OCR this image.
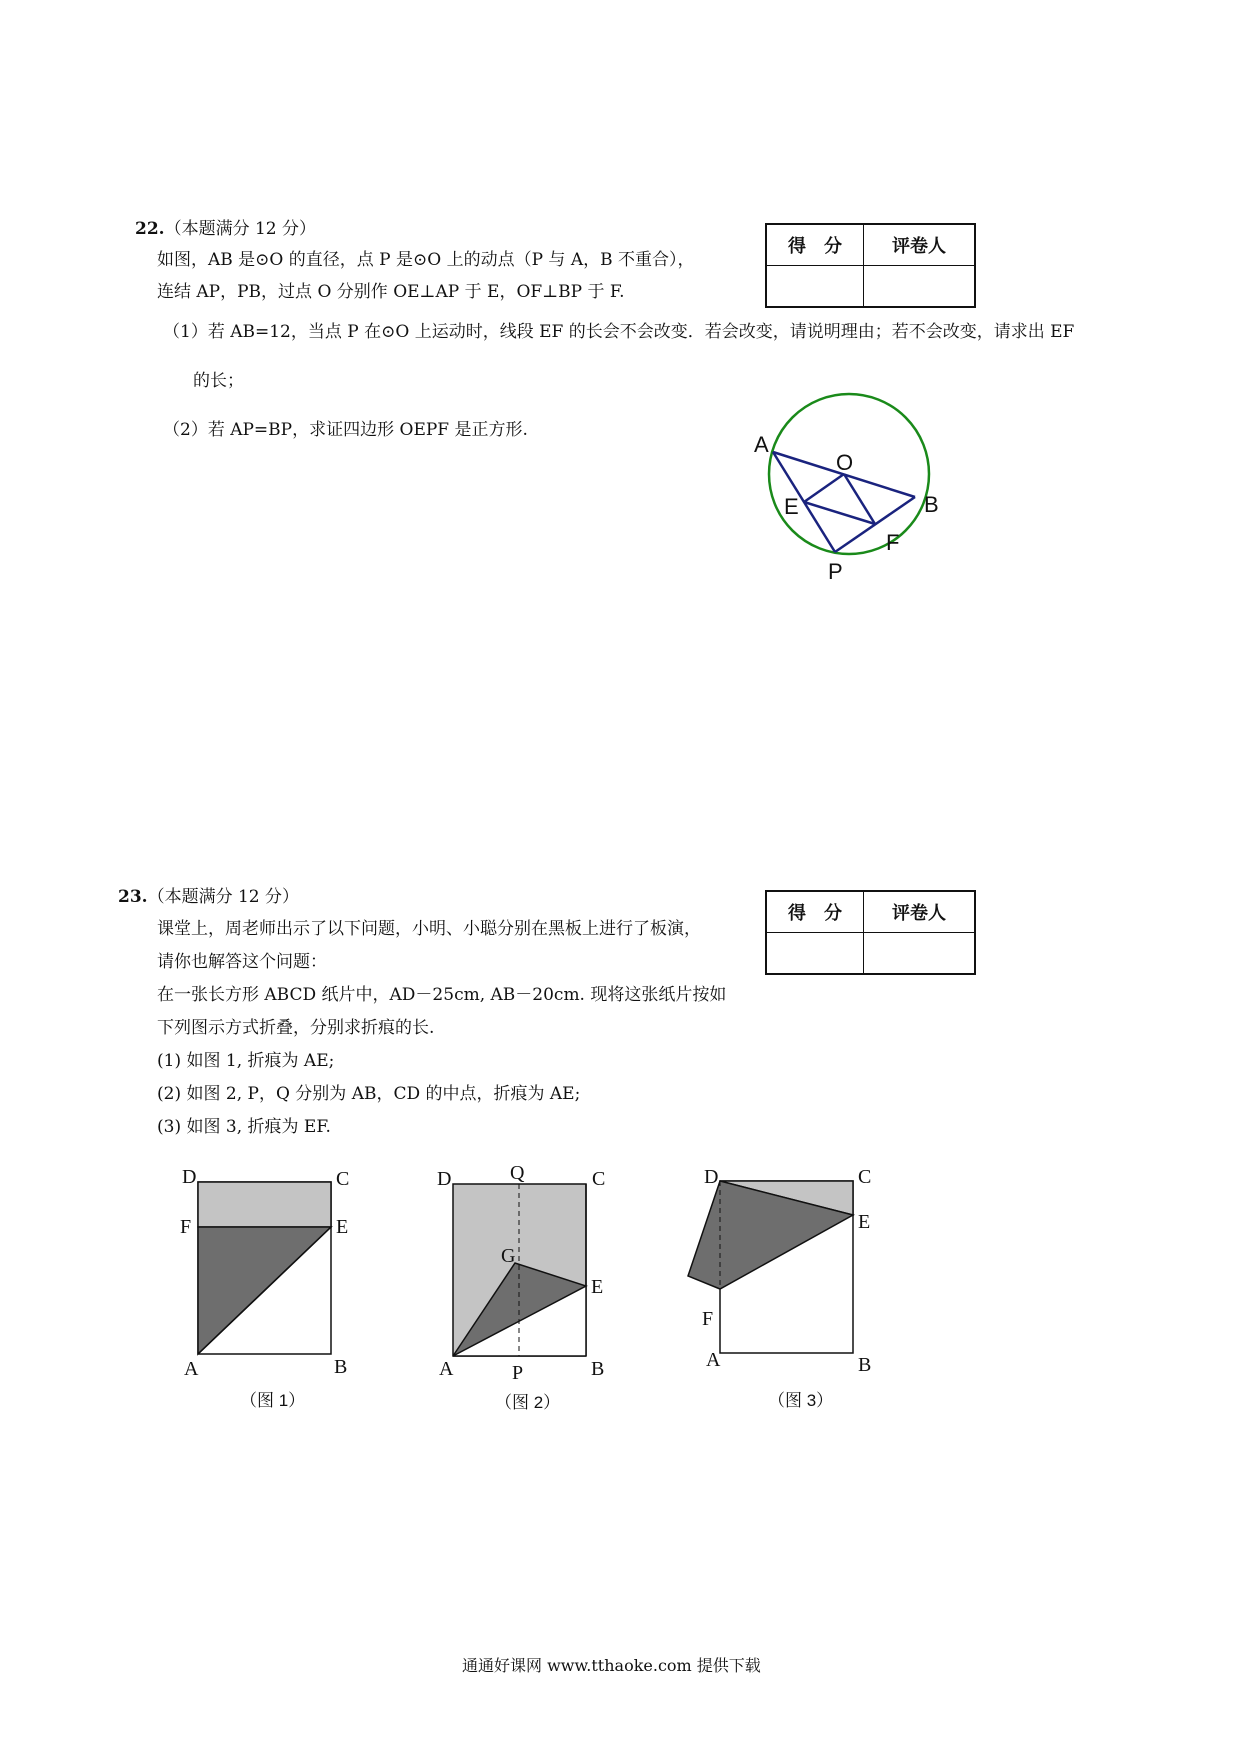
22.（本题满分 12 分）
如图，AB 是⊙O 的直径，点 P 是⊙O 上的动点（P 与 A，B 不重合），
连结 AP，PB，过点 O 分别作 OE⊥AP 于 E，OF⊥BP 于 F.
得　分	评卷人

（1）若 AB=12，当点 P 在⊙O 上运动时，线段 EF 的长会不会改变．若会改变，请说明理由；若不会改变，请求出 EF
的长；
（2）若 AP=BP，求证四边形 OEPF 是正方形.
A
O
B
E
F
P
23.（本题满分 12 分）
课堂上，周老师出示了以下问题，小明、小聪分别在黑板上进行了板演，
请你也解答这个问题：
在一张长方形 ABCD 纸片中，AD－25cm, AB－20cm. 现将这张纸片按如
下列图示方式折叠，分别求折痕的长.
(1) 如图 1, 折痕为 AE;
(2) 如图 2, P，Q 分别为 AB，CD 的中点，折痕为 AE;
(3) 如图 3, 折痕为 EF.
得　分	评卷人

D	C
F	E
A	B
（图 1）
D	Q	C
G
E
A	P	B
（图 2）
D	C
E
F
A	B
（图 3）
通通好课网 www.tthaoke.com 提供下载
